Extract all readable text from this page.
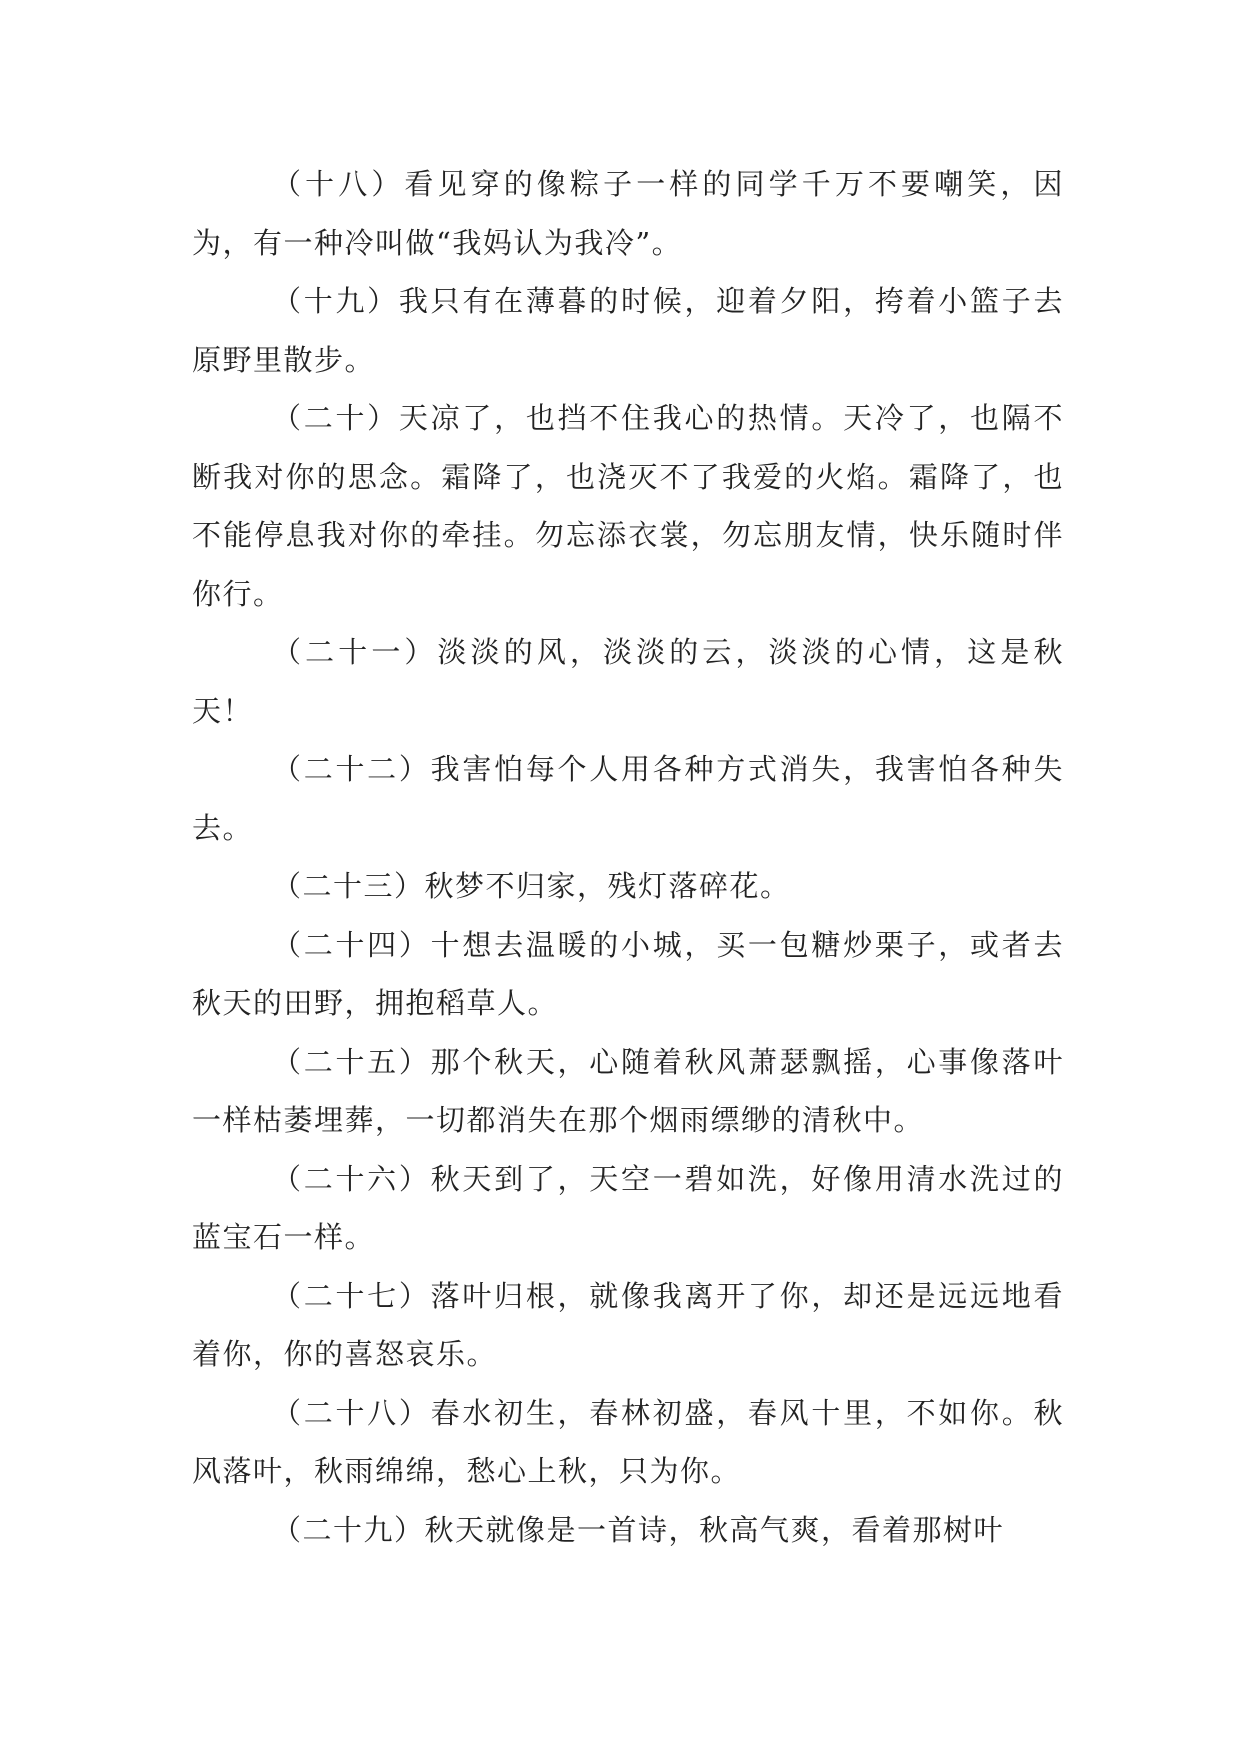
（十八）看见穿的像粽子一样的同学千万不要嘲笑，因为，有一种冷叫做“我妈认为我冷”。

（十九）我只有在薄暮的时候，迎着夕阳，挎着小篮子去原野里散步。

（二十）天凉了，也挡不住我心的热情。天冷了，也隔不断我对你的思念。霜降了，也浇灭不了我爱的火焰。霜降了，也不能停息我对你的牵挂。勿忘添衣裳，勿忘朋友情，快乐随时伴你行。

（二十一）淡淡的风，淡淡的云，淡淡的心情，这是秋天！

（二十二）我害怕每个人用各种方式消失，我害怕各种失去。

（二十三）秋梦不归家，残灯落碎花。

（二十四）十想去温暖的小城，买一包糖炒栗子，或者去秋天的田野，拥抱稻草人。

（二十五）那个秋天，心随着秋风萧瑟飘摇，心事像落叶一样枯萎埋葬，一切都消失在那个烟雨缥缈的清秋中。

（二十六）秋天到了，天空一碧如洗，好像用清水洗过的蓝宝石一样。

（二十七）落叶归根，就像我离开了你，却还是远远地看着你，你的喜怒哀乐。

（二十八）春水初生，春林初盛，春风十里，不如你。秋风落叶，秋雨绵绵，愁心上秋，只为你。

（二十九）秋天就像是一首诗，秋高气爽，看着那树叶
